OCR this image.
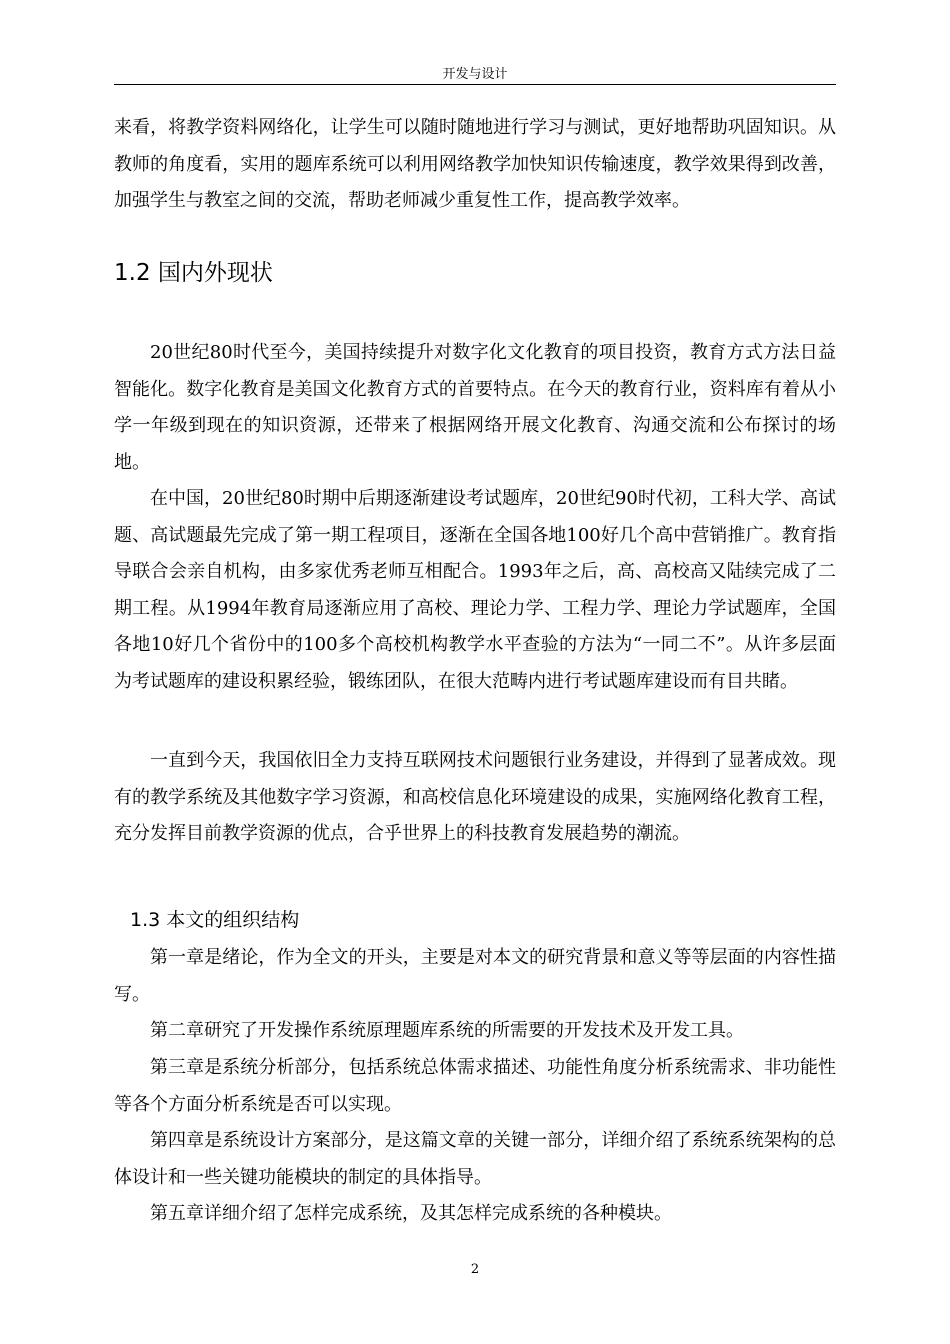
开发与设计

来看，将教学资料网络化，让学生可以随时随地进行学习与测试，更好地帮助巩固知识。从教师的角度看，实用的题库系统可以利用网络教学加快知识传输速度，教学效果得到改善，加强学生与教室之间的交流，帮助老师减少重复性工作，提高教学效率。

1.2 国内外现状

20世纪80时代至今，美国持续提升对数字化文化教育的项目投资，教育方式方法日益智能化。数字化教育是美国文化教育方式的首要特点。在今天的教育行业，资料库有着从小学一年级到现在的知识资源，还带来了根据网络开展文化教育、沟通交流和公布探讨的场地。

在中国，20世纪80时期中后期逐渐建设考试题库，20世纪90时代初，工科大学、高试题、高试题最先完成了第一期工程项目，逐渐在全国各地100好几个高中营销推广。教育指导联合会亲自机构，由多家优秀老师互相配合。1993年之后，高、高校高又陆续完成了二期工程。从1994年教育局逐渐应用了高校、理论力学、工程力学、理论力学试题库，全国各地10好几个省份中的100多个高校机构教学水平查验的方法为“一同二不”。从许多层面为考试题库的建设积累经验，锻练团队，在很大范畴内进行考试题库建设而有目共睹。

一直到今天，我国依旧全力支持互联网技术问题银行业务建设，并得到了显著成效。现有的教学系统及其他数字学习资源，和高校信息化环境建设的成果，实施网络化教育工程，充分发挥目前教学资源的优点，合乎世界上的科技教育发展趋势的潮流。

1.3 本文的组织结构

第一章是绪论，作为全文的开头，主要是对本文的研究背景和意义等等层面的内容性描写。

第二章研究了开发操作系统原理题库系统的所需要的开发技术及开发工具。

第三章是系统分析部分，包括系统总体需求描述、功能性角度分析系统需求、非功能性等各个方面分析系统是否可以实现。

第四章是系统设计方案部分，是这篇文章的关键一部分，详细介绍了系统系统架构的总体设计和一些关键功能模块的制定的具体指导。

第五章详细介绍了怎样完成系统，及其怎样完成系统的各种模块。

2
